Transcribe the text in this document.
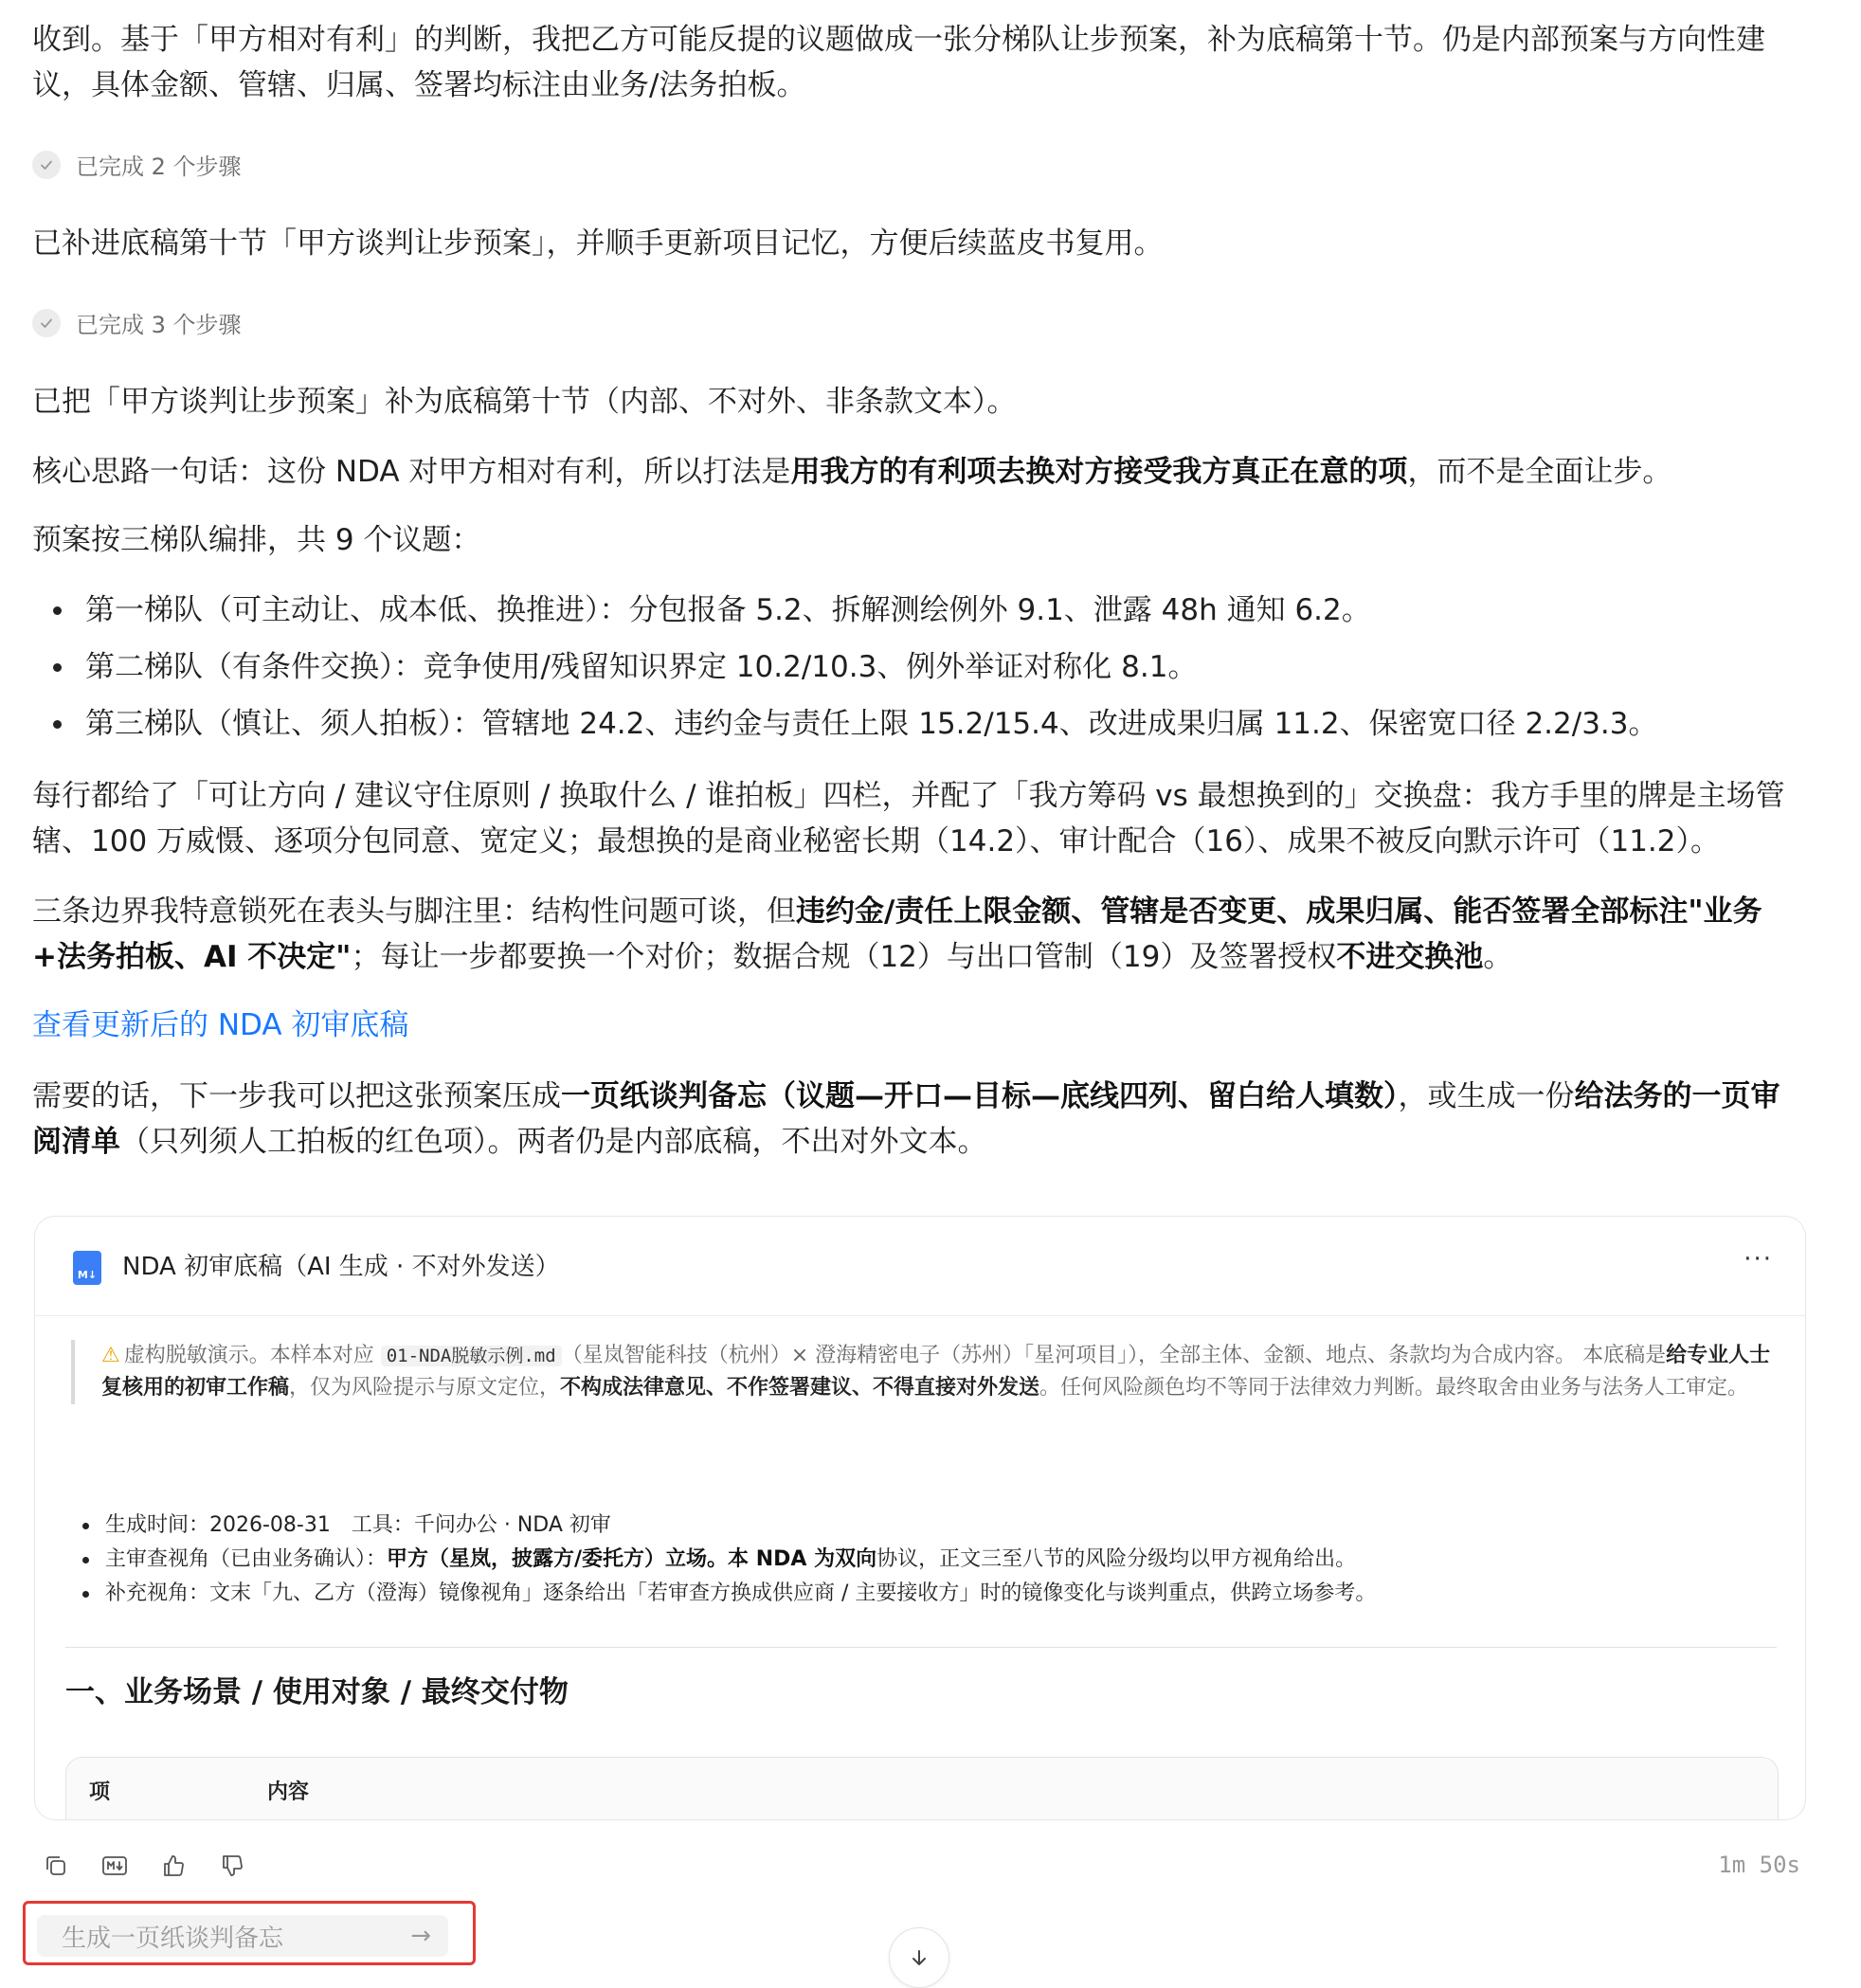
收到。基于「甲方相对有利」的判断，我把乙方可能反提的议题做成一张分梯队让步预案，补为底稿第十节。仍是内部预案与方向性建议，具体金额、管辖、归属、签署均标注由业务/法务拍板。

已完成 2 个步骤

已补进底稿第十节「甲方谈判让步预案」，并顺手更新项目记忆，方便后续蓝皮书复用。

已完成 3 个步骤

已把「甲方谈判让步预案」补为底稿第十节（内部、不对外、非条款文本）。

核心思路一句话：这份 NDA 对甲方相对有利，所以打法是用我方的有利项去换对方接受我方真正在意的项，而不是全面让步。

预案按三梯队编排，共 9 个议题：

第一梯队（可主动让、成本低、换推进）：分包报备 5.2、拆解测绘例外 9.1、泄露 48h 通知 6.2。
第二梯队（有条件交换）：竞争使用/残留知识界定 10.2/10.3、例外举证对称化 8.1。
第三梯队（慎让、须人拍板）：管辖地 24.2、违约金与责任上限 15.2/15.4、改进成果归属 11.2、保密宽口径 2.2/3.3。

每行都给了「可让方向 / 建议守住原则 / 换取什么 / 谁拍板」四栏，并配了「我方筹码 vs 最想换到的」交换盘：我方手里的牌是主场管辖、100 万威慑、逐项分包同意、宽定义；最想换的是商业秘密长期（14.2）、审计配合（16）、成果不被反向默示许可（11.2）。

三条边界我特意锁死在表头与脚注里：结构性问题可谈，但违约金/责任上限金额、管辖是否变更、成果归属、能否签署全部标注"业务+法务拍板、AI 不决定"；每让一步都要换一个对价；数据合规（12）与出口管制（19）及签署授权不进交换池。

查看更新后的 NDA 初审底稿

需要的话，下一步我可以把这张预案压成一页纸谈判备忘（议题—开口—目标—底线四列、留白给人填数），或生成一份给法务的一页审阅清单（只列须人工拍板的红色项）。两者仍是内部底稿，不出对外文本。

M↓ NDA 初审底稿（AI 生成 · 不对外发送）	···
⚠ 虚构脱敏演示。本样本对应 01-NDA脱敏示例.md （星岚智能科技（杭州）× 澄海精密电子（苏州）「星河项目」），全部主体、金额、地点、条款均为合成内容。 本底稿是给专业人士复核用的初审工作稿，仅为风险提示与原文定位，不构成法律意见、不作签署建议、不得直接对外发送。任何风险颜色均不等同于法律效力判断。最终取舍由业务与法务人工审定。
生成时间：2026-08-31　工具：千问办公 · NDA 初审
主审查视角（已由业务确认）：甲方（星岚，披露方/委托方）立场。本 NDA 为双向协议，正文三至八节的风险分级均以甲方视角给出。
补充视角：文末「九、乙方（澄海）镜像视角」逐条给出「若审查方换成供应商 / 主要接收方」时的镜像变化与谈判重点，供跨立场参考。
一、业务场景 / 使用对象 / 最终交付物
项	内容
1m 50s
生成一页纸谈判备忘	→
